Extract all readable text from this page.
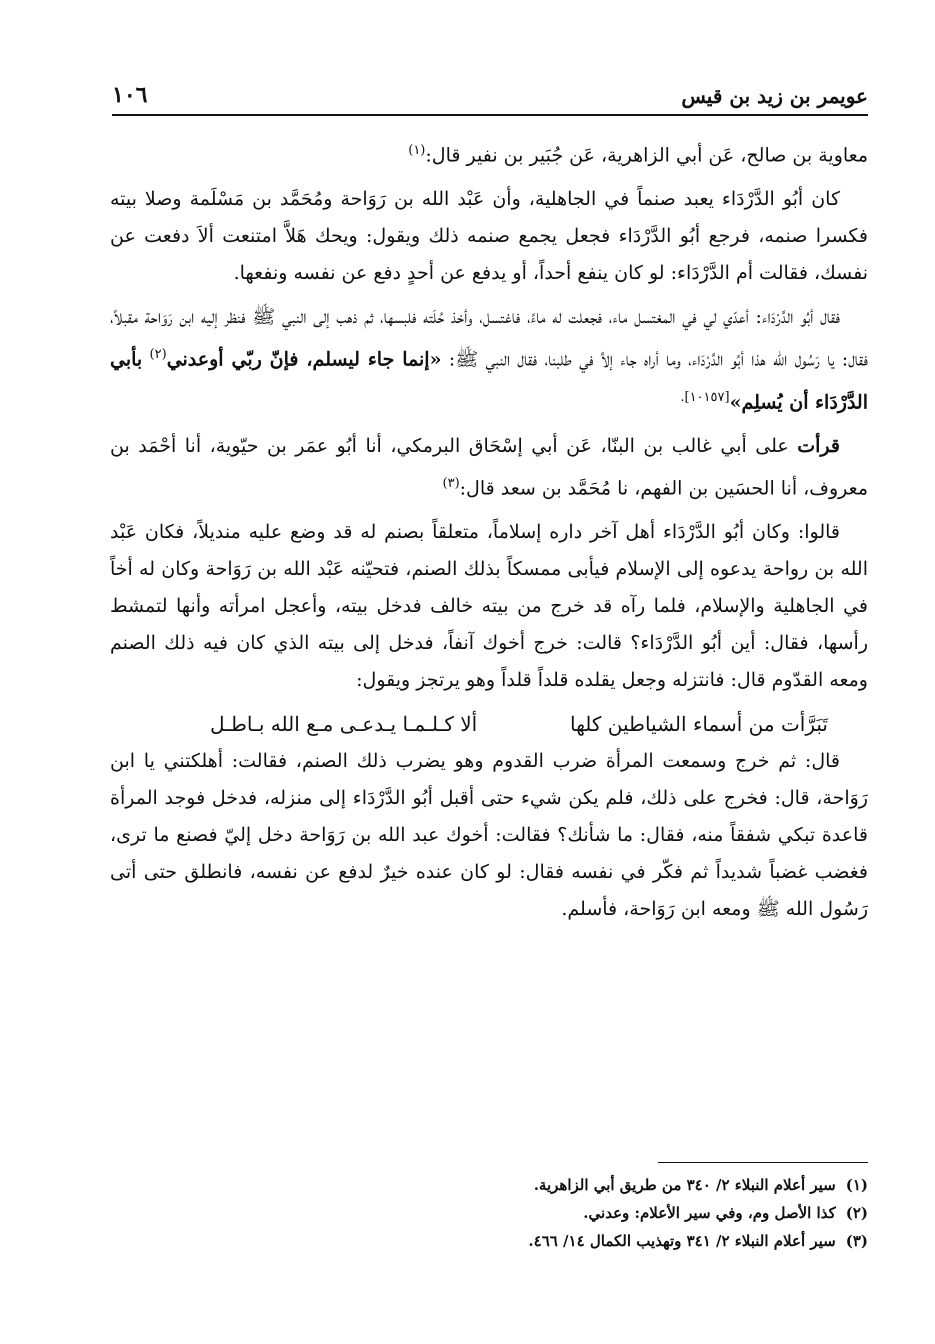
عويمر بن زيد بن قيس
١٠٦

معاوية بن صالح، عَن أبي الزاهرية، عَن جُبَير بن نفير قال:$^{(١)}$

كان أبُو الدَّرْدَاء يعبد صنماً في الجاهلية، وأن عَبْد الله بن رَوَاحة ومُحَمَّد بن مَسْلَمة وصلا بيته فكسرا صنمه، فرجع أبُو الدَّرْدَاء فجعل يجمع صنمه ذلك ويقول: ويحك هَلاَّ امتنعت ألاَ دفعت عن نفسك، فقالت أم الدَّرْدَاء: لو كان ينفع أحداً، أو يدفع عن أحدٍ دفع عن نفسه ونفعها.

فقال أبُو الدَّرْدَاء: أعدّي لي في المغتسل ماء، فجعلت له ماءً، فاغتسل، وأخذ حُلَته فلبسها، ثم ذهب إلى النبي ﷺ فنظر إليه ابن رَوَاحة مقبلاً، فقال: يا رَسُول الله هذا أبُو الدَّرْدَاء، وما أراه جاء إلاَّ في طلبنا، فقال النبي ﷺ: «إنما جاء ليسلم، فإنّ ربّي أوعدني$^{(٢)}$ بأبي الدَّرْدَاء أن يُسلِم»$^{[١٠١٥٧].}$

قرأت على أبي غالب بن البنّا، عَن أبي إسْحَاق البرمكي، أنا أبُو عمَر بن حيّوية، أنا أحْمَد بن معروف، أنا الحسَين بن الفهم، نا مُحَمَّد بن سعد قال:$^{(٣)}$

قالوا: وكان أبُو الدَّرْدَاء أهل آخر داره إسلاماً، متعلقاً بصنم له قد وضع عليه منديلاً، فكان عَبْد الله بن رواحة يدعوه إلى الإسلام فيأبى ممسكاً بذلك الصنم، فتحيّنه عَبْد الله بن رَوَاحة وكان له أخاً في الجاهلية والإسلام، فلما رآه قد خرج من بيته خالف فدخل بيته، وأعجل امرأته وأنها لتمشط رأسها، فقال: أين أبُو الدَّرْدَاء؟ قالت: خرج أخوك آنفاً، فدخل إلى بيته الذي كان فيه ذلك الصنم ومعه القدّوم قال: فانتزله وجعل يقلده قلداً قلداً وهو يرتجز ويقول:

تَبَرَّأت من أسماء الشياطين كلها
ألا كـلـمـا يـدعـى مـع الله بـاطـل

قال: ثم خرج وسمعت المرأة ضرب القدوم وهو يضرب ذلك الصنم، فقالت: أهلكتني يا ابن رَوَاحة، قال: فخرج على ذلك، فلم يكن شيء حتى أقبل أبُو الدَّرْدَاء إلى منزله، فدخل فوجد المرأة قاعدة تبكي شفقاً منه، فقال: ما شأنك؟ فقالت: أخوك عبد الله بن رَوَاحة دخل إليّ فصنع ما ترى، فغضب غضباً شديداً ثم فكّر في نفسه فقال: لو كان عنده خيرٌ لدفع عن نفسه، فانطلق حتى أتى رَسُول الله ﷺ ومعه ابن رَوَاحة، فأسلم.

(١)سير أعلام النبلاء ٢/ ٣٤٠ من طريق أبي الزاهرية.
(٢)كذا الأصل وم، وفي سير الأعلام: وعدني.
(٣)سير أعلام النبلاء ٢/ ٣٤١ وتهذيب الكمال ١٤/ ٤٦٦.
